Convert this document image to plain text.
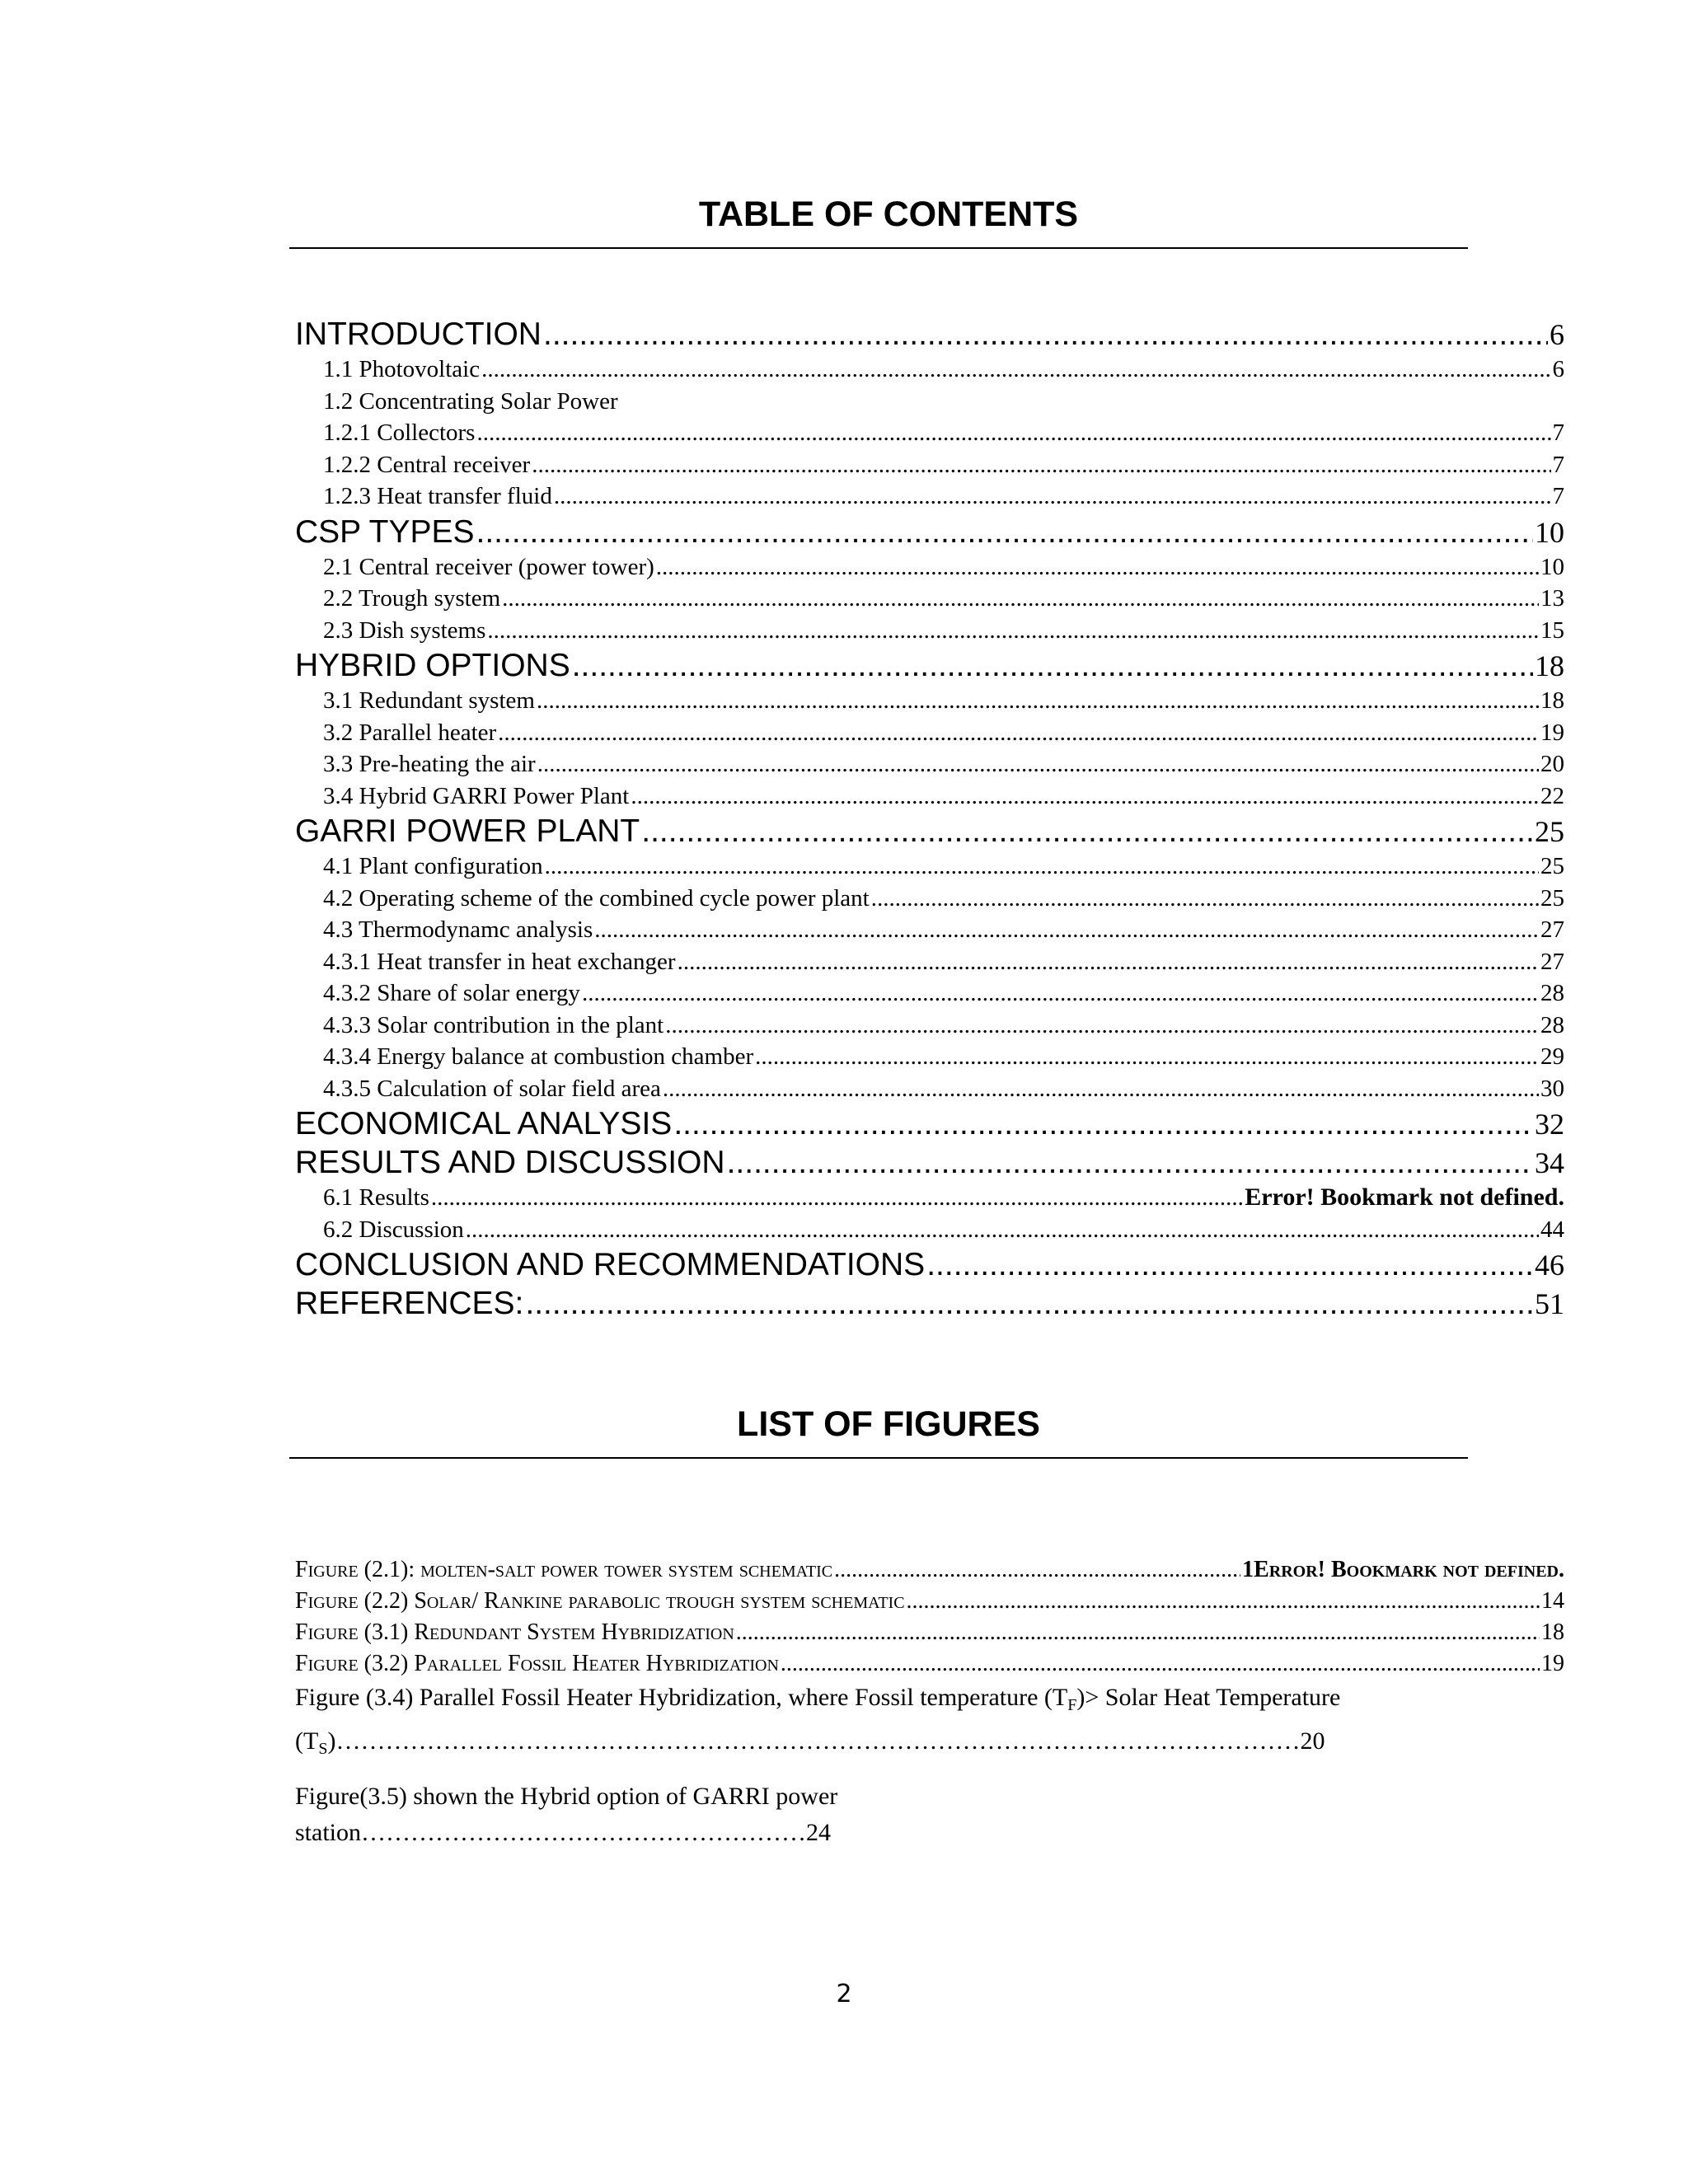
TABLE OF CONTENTS
INTRODUCTION .....	6
1.1 Photovoltaic .....	6
1.2 Concentrating Solar Power
1.2.1 Collectors .....	7
1.2.2 Central receiver .....	7
1.2.3 Heat transfer fluid .....	7
CSP TYPES .....	10
2.1 Central receiver (power tower) .....	10
2.2 Trough system .....	13
2.3 Dish systems .....	15
HYBRID OPTIONS .....	18
3.1 Redundant system .....	18
3.2 Parallel heater .....	19
3.3 Pre-heating the air .....	20
3.4 Hybrid GARRI Power Plant .....	22
GARRI POWER PLANT .....	25
4.1 Plant configuration .....	25
4.2 Operating scheme of the combined cycle power plant .....	25
4.3 Thermodynamc analysis .....	27
4.3.1 Heat transfer in heat exchanger .....	27
4.3.2 Share of solar energy .....	28
4.3.3 Solar contribution in the plant .....	28
4.3.4 Energy balance at combustion chamber .....	29
4.3.5 Calculation of solar field area .....	30
ECONOMICAL ANALYSIS .....	32
RESULTS AND DISCUSSION .....	34
6.1 Results .....	Error! Bookmark not defined.
6.2 Discussion .....	44
CONCLUSION AND RECOMMENDATIONS .....	46
REFERENCES: .....	51
LIST OF FIGURES
Figure (2.1): molten-salt power tower system schematic .....	1Error! Bookmark not defined.
Figure (2.2) Solar/ Rankine parabolic trough system schematic .....	14
Figure (3.1) Redundant System Hybridization .....	18
Figure (3.2) Parallel Fossil Heater Hybridization .....	19
Figure (3.4) Parallel Fossil Heater Hybridization, where Fossil temperature $(T_F)>$ Solar Heat Temperature
$(T_S)\dots\dots\dots\dots\dots\dots\dots\dots\dots\dots\dots\dots\dots\dots\dots\dots\dots\dots\dots\dots\dots\dots\dots\dots\dots\dots\dots\dots\dots\dots\dots\dots\dots\dots\dots\dots\dots\dots\dots 20$
Figure(3.5) shown the Hybrid option of GARRI power
station………………………………………………24
2
